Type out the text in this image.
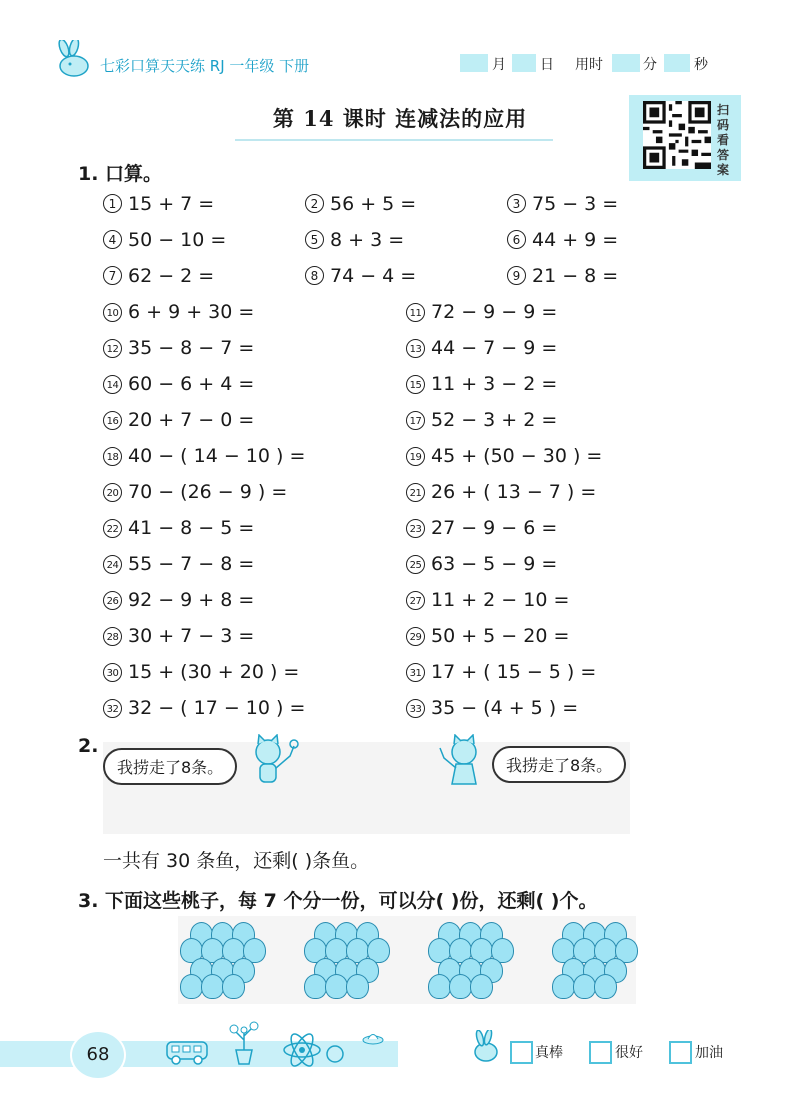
七彩口算天天练 RJ 一年级 下册	月 日 用时	分	秒
第 14 课时 连减法的应用	扫码看答案
1. 口算。
1 15 + 7 =	2 56 + 5 =	3 75 − 3 =
4 50 − 10 =	5 8 + 3 =	6 44 + 9 =
7 62 − 2 =	8 74 − 4 =	9 21 − 8 =
10 6 + 9 + 30 =	11 72 − 9 − 9 =
12 35 − 8 − 7 =	13 44 − 7 − 9 =
14 60 − 6 + 4 =	15 11 + 3 − 2 =
16 20 + 7 − 0 =	17 52 − 3 + 2 =
18 40 − ( 14 − 10 ) =	19 45 + (50 − 30 ) =
20 70 − (26 − 9 ) =	21 26 + ( 13 − 7 ) =
22 41 − 8 − 5 =	23 27 − 9 − 6 =
24 55 − 7 − 8 =	25 63 − 5 − 9 =
26 92 − 9 + 8 =	27 11 + 2 − 10 =
28 30 + 7 − 3 =	29 50 + 5 − 20 =
30 15 + (30 + 20 ) =	31 17 + ( 15 − 5 ) =
32 32 − ( 17 − 10 ) =	33 35 − (4 + 5 ) =
2.
我捞走了8条。	我捞走了8条。
一共有 30 条鱼，还剩( )条鱼。
3. 下面这些桃子，每 7 个分一份，可以分( )份，还剩( )个。
68	真棒	很好	加油
